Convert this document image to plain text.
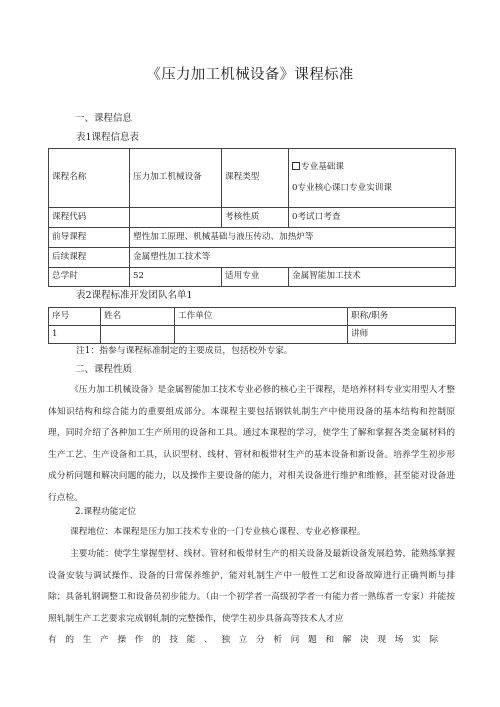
《压力加工机械设备》课程标准
一、课程信息
表1课程信息表
课程名称	压力加工机械设备	课程类型	专业基础课
0专业核心课口专业实训课

课程代码		考核性质	0考试口考查
前导课程	塑性加工原理、机械基础与液压传动、加热炉等		
后续课程	金属塑性加工技术等		
总学时	52	适用专业	金属智能加工技术
表2课程标准开发团队名单1
序号	姓名	工作单位	职称/职务
1			讲师
注1：指参与课程标准制定的主要成员，包括校外专家。
二、课程性质
《压力加工机械设备》是金属智能加工技术专业必修的核心主干课程，是培养材料专业实用型人才整体知识结构和综合能力的重要组成部分。本课程主要包括钢铁轧制生产中使用设备的基本结构和控制原理，同时介绍了各种加工生产所用的设备和工具。通过本课程的学习，使学生了解和掌握各类金属材料的生产工艺、生产设备和工具，认识型材、线材、管材和板带材生产的基本设备和新设备。培养学生初步形成分析问题和解决问题的能力，以及操作主要设备的能力，对相关设备进行维护和维修，甚至能对设备进行点检。
2.课程功能定位
课程地位：本课程是压力加工技术专业的一门专业核心课程、专业必修课程。
主要功能：使学生掌握型材、线材、管材和板带材生产的相关设备及最新设备发展趋势，能熟练掌握设备安装与调试操作、设备的日常保养维护，能对轧制生产中一般性工艺和设备故障进行正确判断与排除；具备轧钢调整工和设备员初步能力。（由一个初学者一高级初学者一有能力者一熟练者一专家）并能按照轧制生产工艺要求完成钢轧制的完整操作，使学生初步具备高等技术人才应
有的生产操作的技能、独立分析问题和解决现场实际
